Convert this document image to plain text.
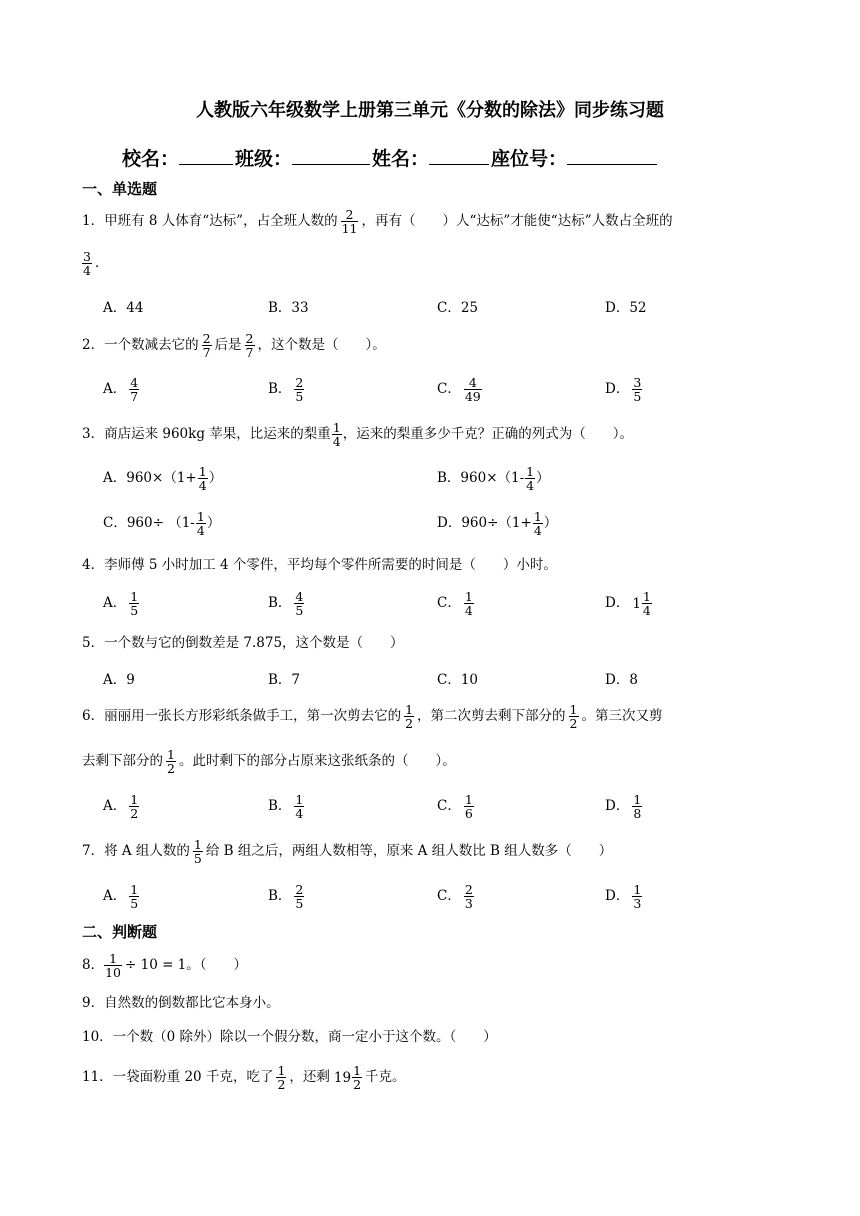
人教版六年级数学上册第三单元《分数的除法》同步练习题
校名：	班级：	姓名：	座位号：
一、单选题
1．甲班有 8 人体育“达标”，占全班人数的 $\frac{2}{11}$ ，再有（　　）人“达标”才能使“达标”人数占全班的
$\frac{3}{4}$ ．
A．44	B．33	C．25	D．52
2．一个数减去它的 $\frac{2}{7}$ 后是 $\frac{2}{7}$ ，这个数是（　　）。
A． $\frac{4}{7}$	B． $\frac{2}{5}$	C． $\frac{4}{49}$	D． $\frac{3}{5}$
3．商店运来 960kg 苹果，比运来的梨重 $\frac{1}{4}$ ，运来的梨重多少千克？正确的列式为（　　）。
A．$960\times(1+ \frac{1}{4}$ ）	B．$960\times(1- \frac{1}{4}$ ）
C．$960\div (1- \frac{1}{4}$ ）	D．$960\div(1+ \frac{1}{4}$ ）
4．李师傅 5 小时加工 4 个零件，平均每个零件所需要的时间是（　　）小时。
A． $\frac{1}{5}$	B． $\frac{4}{5}$	C． $\frac{1}{4}$	D． $1 \frac{1}{4}$
5．一个数与它的倒数差是 7.875，这个数是（　　）
A．9	B．7	C．10	D．8
6．丽丽用一张长方形彩纸条做手工，第一次剪去它的 $\frac{1}{2}$ ，第二次剪去剩下部分的 $\frac{1}{2}$ 。第三次又剪
去剩下部分的 $\frac{1}{2}$ 。此时剩下的部分占原来这张纸条的（　　）。
A． $\frac{1}{2}$	B． $\frac{1}{4}$	C． $\frac{1}{6}$	D． $\frac{1}{8}$
7．将 A 组人数的 $\frac{1}{5}$ 给 B 组之后，两组人数相等，原来 A 组人数比 B 组人数多（　　）
A． $\frac{1}{5}$	B． $\frac{2}{5}$	C． $\frac{2}{3}$	D． $\frac{1}{3}$
二、判断题
8． $\frac{1}{10} \div 10 = 1$。（　　）
9．自然数的倒数都比它本身小。
10．一个数（0 除外）除以一个假分数，商一定小于这个数。（　　）
11．一袋面粉重 20 千克，吃了 $\frac{1}{2}$ ，还剩 $19 \frac{1}{2}$ 千克。
